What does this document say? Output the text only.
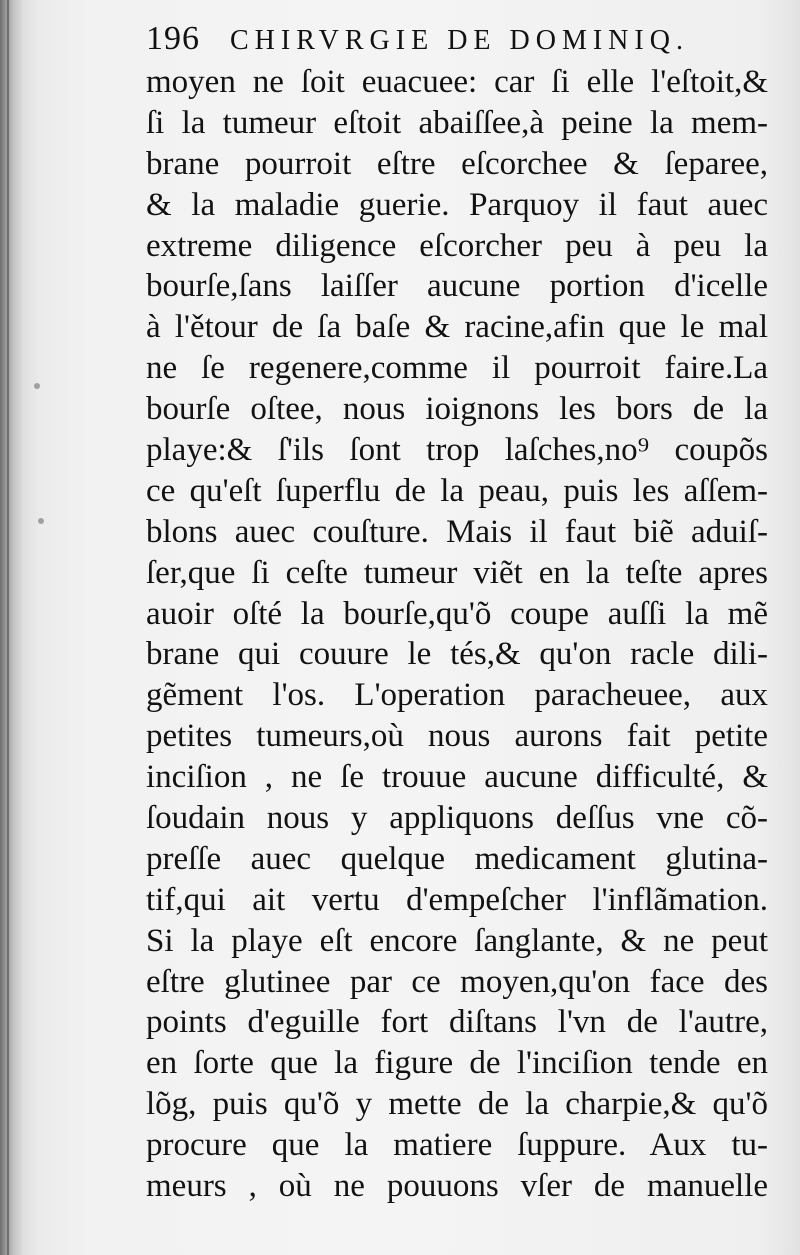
196 CHIRVRGIE DE DOMINIQ.
moyen ne ſoit euacuee: car ſi elle l'eſtoit,&
ſi la tumeur eſtoit abaiſſee,à peine la mem-
brane pourroit eſtre eſcorchee & ſeparee,
& la maladie guerie. Parquoy il faut auec
extreme diligence eſcorcher peu à peu la
bourſe,ſans laiſſer aucune portion d'icelle
à l'ětour de ſa baſe & racine,afin que le mal
ne ſe regenere,comme il pourroit faire.La
bourſe oſtee, nous ioignons les bors de la
playe:& ſ'ils ſont trop laſches,no⁹ coupõs
ce qu'eſt ſuperflu de la peau, puis les aſſem-
blons auec couſture. Mais il faut biẽ aduiſ-
ſer,que ſi ceſte tumeur viẽt en la teſte apres
auoir oſté la bourſe,qu'õ coupe auſſi la mẽ
brane qui couure le tés,& qu'on racle dili-
gẽment l'os. L'operation paracheuee, aux
petites tumeurs,où nous aurons fait petite
inciſion , ne ſe trouue aucune difficulté, &
ſoudain nous y appliquons deſſus vne cõ-
preſſe auec quelque medicament glutina-
tif,qui ait vertu d'empeſcher l'inflãmation.
Si la playe eſt encore ſanglante, & ne peut
eſtre glutinee par ce moyen,qu'on face des
points d'eguille fort diſtans l'vn de l'autre,
en ſorte que la figure de l'inciſion tende en
lõg, puis qu'õ y mette de la charpie,& qu'õ
procure que la matiere ſuppure. Aux tu-
meurs , où ne pouuons vſer de manuelle
